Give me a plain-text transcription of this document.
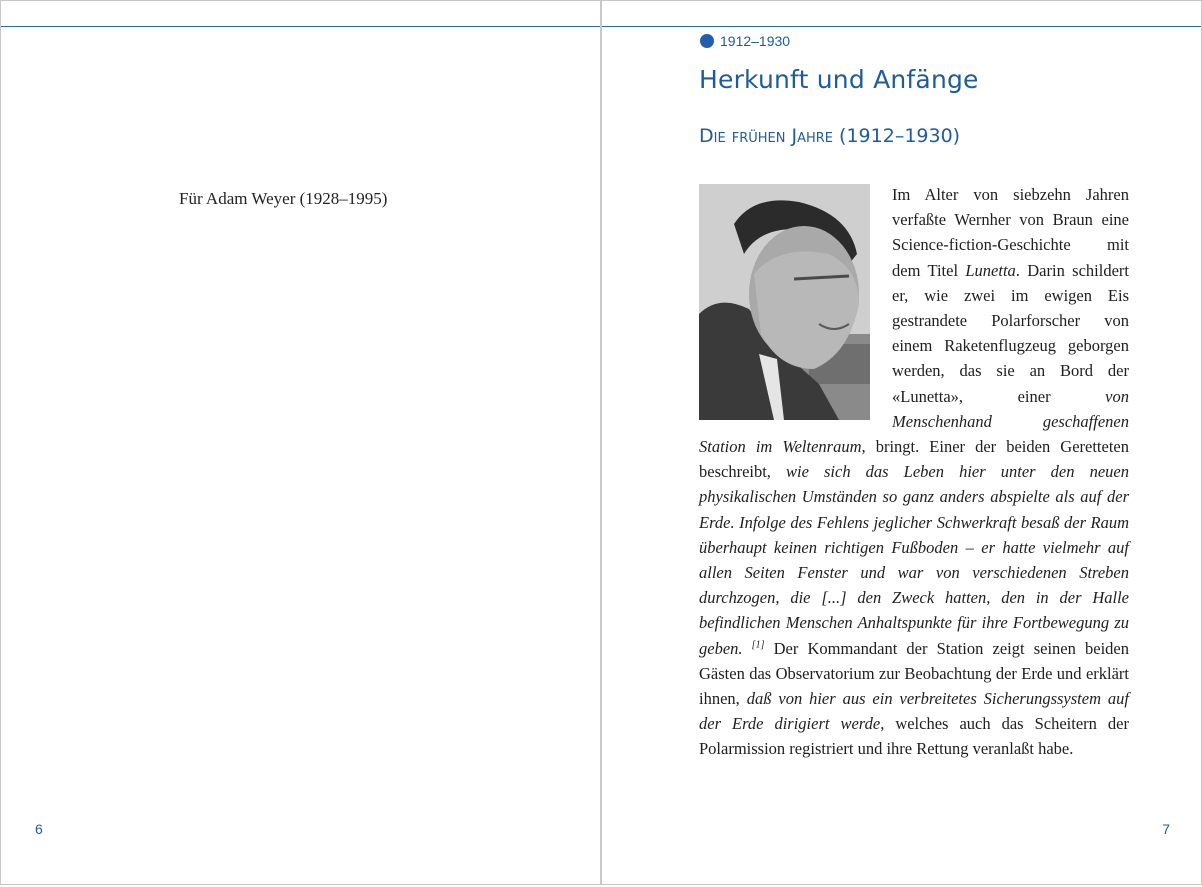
Für Adam Weyer (1928–1995)
6
1912–1930
Herkunft und Anfänge
Die frühen Jahre (1912–1930)
Im Alter von siebzehn Jahren verfaßte Wernher von Braun eine Science-fiction-Geschichte mit dem Titel Lunetta. Darin schildert er, wie zwei im ewigen Eis gestrandete Polarforscher von einem Raketenflugzeug geborgen werden, das sie an Bord der «Lunetta», einer von Menschenhand geschaffenen Station im Weltenraum, bringt. Einer der beiden Geretteten beschreibt, wie sich das Leben hier unter den neuen physikalischen Umständen so ganz anders abspielte als auf der Erde. Infolge des Fehlens jeglicher Schwerkraft besaß der Raum überhaupt keinen richtigen Fußboden – er hatte vielmehr auf allen Seiten Fenster und war von verschiedenen Streben durchzogen, die [...] den Zweck hatten, den in der Halle befindlichen Menschen Anhaltspunkte für ihre Fortbewegung zu geben. [1] Der Kommandant der Station zeigt seinen beiden Gästen das Observatorium zur Beobachtung der Erde und erklärt ihnen, daß von hier aus ein verbreitetes Sicherungssystem auf der Erde dirigiert werde, welches auch das Scheitern der Polarmission registriert und ihre Rettung veranlaßt habe.
7
